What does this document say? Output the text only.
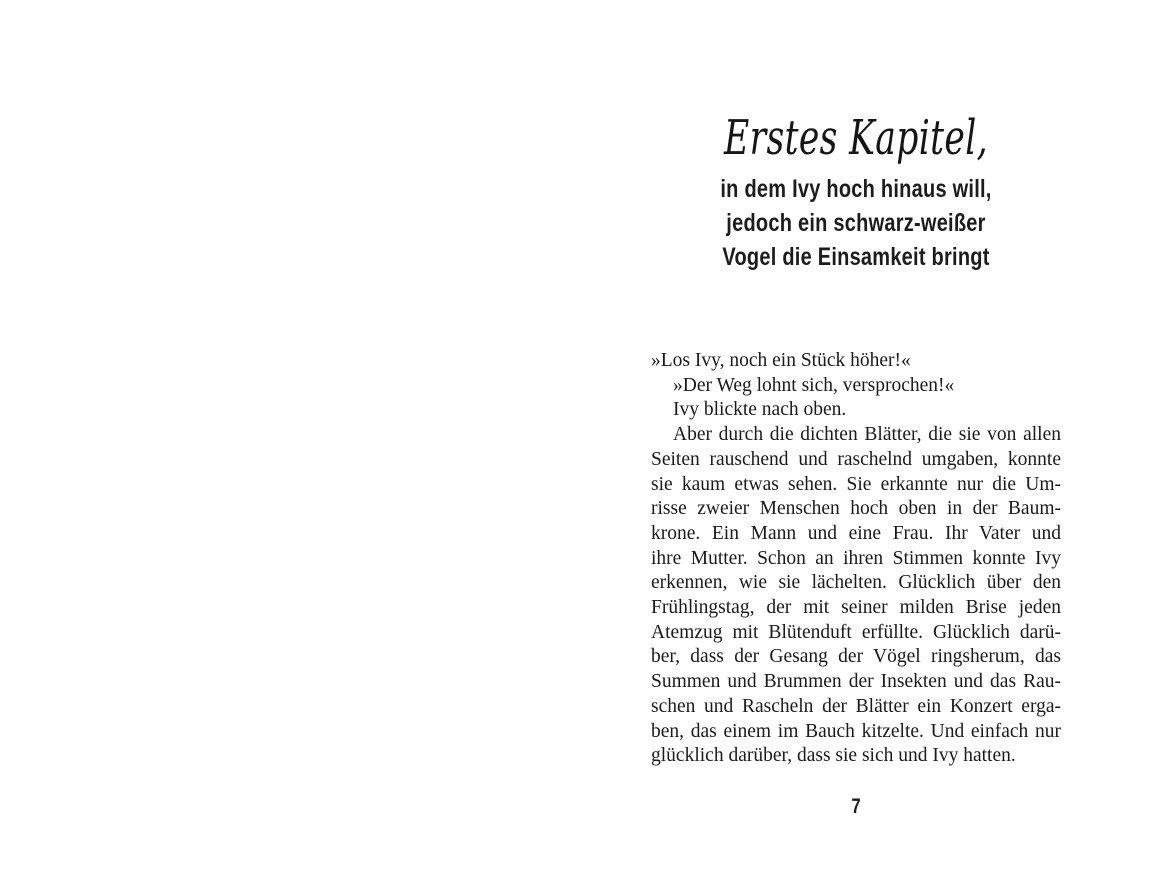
Erstes Kapitel,
in dem Ivy hoch hinaus will,
jedoch ein schwarz-weißer
Vogel die Einsamkeit bringt
»Los Ivy, noch ein Stück höher!«
»Der Weg lohnt sich, versprochen!«
Ivy blickte nach oben.
Aber durch die dichten Blätter, die sie von allen
Seiten rauschend und raschelnd umgaben, konnte
sie kaum etwas sehen. Sie erkannte nur die Um-
risse zweier Menschen hoch oben in der Baum-
krone. Ein Mann und eine Frau. Ihr Vater und
ihre Mutter. Schon an ihren Stimmen konnte Ivy
erkennen, wie sie lächelten. Glücklich über den
Frühlingstag, der mit seiner milden Brise jeden
Atemzug mit Blütenduft erfüllte. Glücklich darü-
ber, dass der Gesang der Vögel ringsherum, das
Summen und Brummen der Insekten und das Rau-
schen und Rascheln der Blätter ein Konzert erga-
ben, das einem im Bauch kitzelte. Und einfach nur
glücklich darüber, dass sie sich und Ivy hatten.
7
